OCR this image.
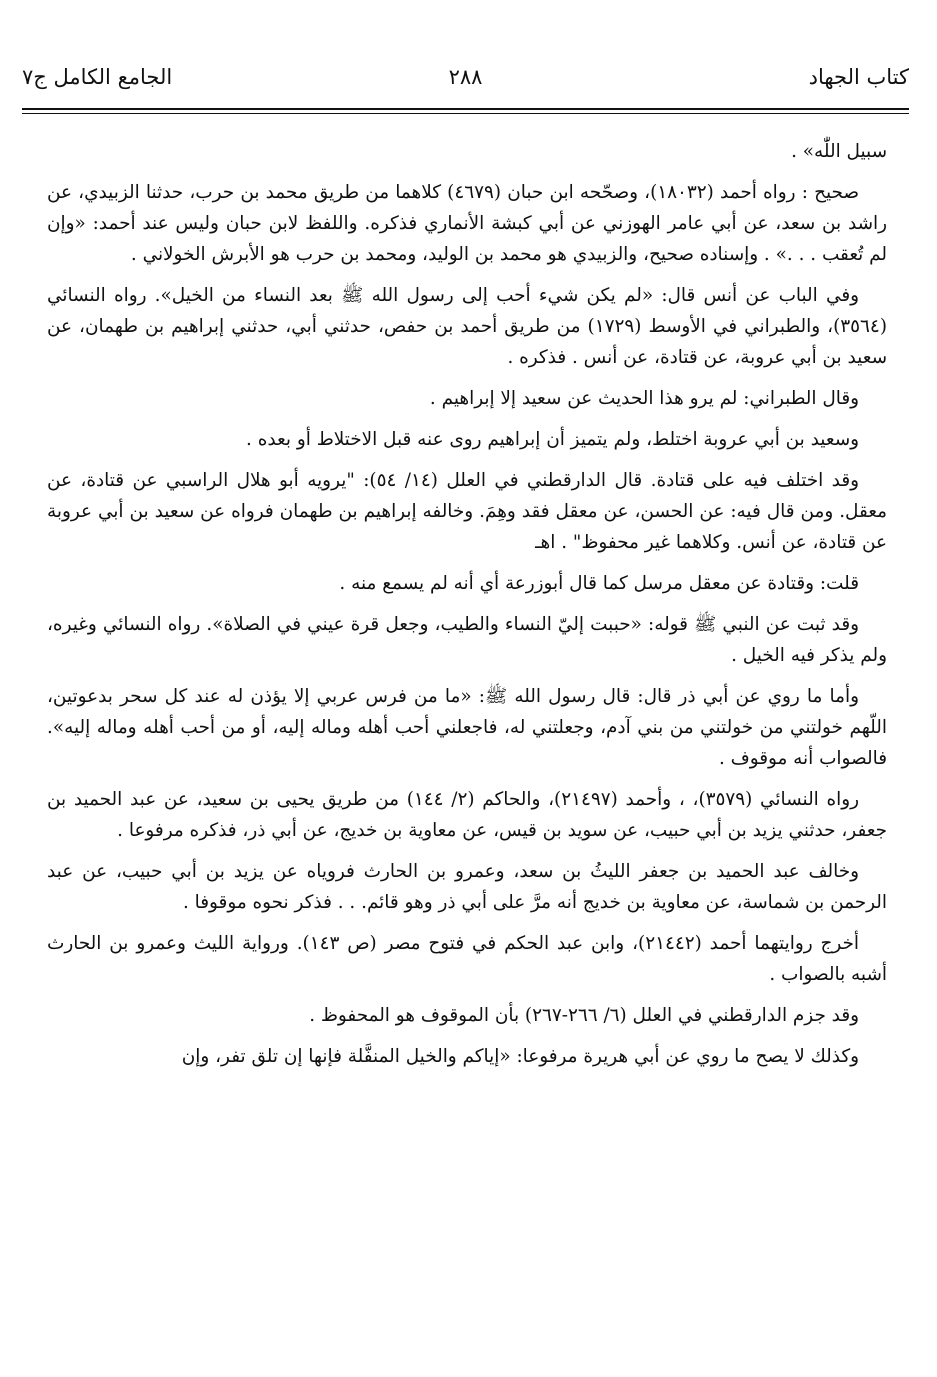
كتاب الجهاد
٢٨٨
الجامع الكامل ج٧

سبيل اللّٰه» .

صحيح : رواه أحمد (١٨٠٣٢)، وصحّحه ابن حبان (٤٦٧٩) كلاهما من طريق محمد بن حرب، حدثنا الزبيدي، عن راشد بن سعد، عن أبي عامر الهوزني عن أبي كبشة الأنماري فذكره. واللفظ لابن حبان وليس عند أحمد: «وإن لم تُعقب . . .» . وإسناده صحيح، والزبيدي هو محمد بن الوليد، ومحمد بن حرب هو الأبرش الخولاني .

وفي الباب عن أنس قال: «لم يكن شيء أحب إلى رسول الله ﷺ بعد النساء من الخيل». رواه النسائي (٣٥٦٤)، والطبراني في الأوسط (١٧٢٩) من طريق أحمد بن حفص، حدثني أبي، حدثني إبراهيم بن طهمان، عن سعيد بن أبي عروبة، عن قتادة، عن أنس . فذكره .

وقال الطبراني: لم يرو هذا الحديث عن سعيد إلا إبراهيم .

وسعيد بن أبي عروبة اختلط، ولم يتميز أن إبراهيم روى عنه قبل الاختلاط أو بعده .

وقد اختلف فيه على قتادة. قال الدارقطني في العلل (١٤/ ٥٤): "يرويه أبو هلال الراسبي عن قتادة، عن معقل. ومن قال فيه: عن الحسن، عن معقل فقد وهِمَ. وخالفه إبراهيم بن طهمان فرواه عن سعيد بن أبي عروبة عن قتادة، عن أنس. وكلاهما غير محفوظ" . اهـ

قلت: وقتادة عن معقل مرسل كما قال أبوزرعة أي أنه لم يسمع منه .

وقد ثبت عن النبي ﷺ قوله: «حببت إليّ النساء والطيب، وجعل قرة عيني في الصلاة». رواه النسائي وغيره، ولم يذكر فيه الخيل .

وأما ما روي عن أبي ذر قال: قال رسول الله ﷺ: «ما من فرس عربي إلا يؤذن له عند كل سحر بدعوتين، اللّهم خولتني من خولتني من بني آدم، وجعلتني له، فاجعلني أحب أهله وماله إليه، أو من أحب أهله وماله إليه». فالصواب أنه موقوف .

رواه النسائي (٣٥٧٩)، ، وأحمد (٢١٤٩٧)، والحاكم (٢/ ١٤٤) من طريق يحيى بن سعيد، عن عبد الحميد بن جعفر، حدثني يزيد بن أبي حبيب، عن سويد بن قيس، عن معاوية بن خديج، عن أبي ذر، فذكره مرفوعا .

وخالف عبد الحميد بن جعفر الليثُ بن سعد، وعمرو بن الحارث فروياه عن يزيد بن أبي حبيب، عن عبد الرحمن بن شماسة، عن معاوية بن خديج أنه مرَّ على أبي ذر وهو قائم. . . فذكر نحوه موقوفا .

أخرج روايتهما أحمد (٢١٤٤٢)، وابن عبد الحكم في فتوح مصر (ص ١٤٣). ورواية الليث وعمرو بن الحارث أشبه بالصواب .

وقد جزم الدارقطني في العلل (٦/ ٢٦٦-٢٦٧) بأن الموقوف هو المحفوظ .

وكذلك لا يصح ما روي عن أبي هريرة مرفوعا: «إياكم والخيل المنفَّلة فإنها إن تلق تفر، وإن
